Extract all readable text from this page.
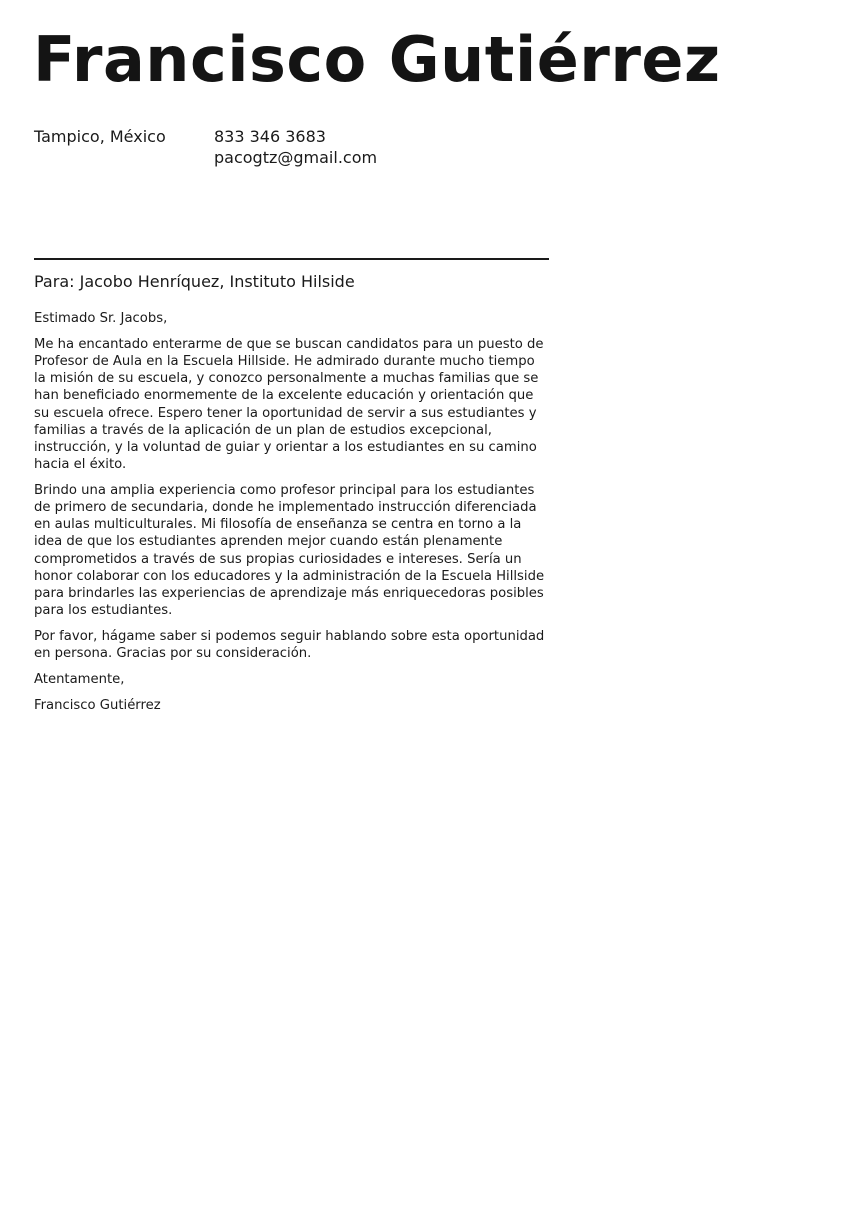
Francisco Gutiérrez
Tampico, México	833 346 3683
pacogtz@gmail.com
Para: Jacobo Henríquez, Instituto Hilside

Estimado Sr. Jacobs,

Me ha encantado enterarme de que se buscan candidatos para un puesto de Profesor de Aula en la Escuela Hillside. He admirado durante mucho tiempo la misión de su escuela, y conozco personalmente a muchas familias que se han beneficiado enormemente de la excelente educación y orientación que su escuela ofrece. Espero tener la oportunidad de servir a sus estudiantes y familias a través de la aplicación de un plan de estudios excepcional, instrucción, y la voluntad de guiar y orientar a los estudiantes en su camino hacia el éxito.

Brindo una amplia experiencia como profesor principal para los estudiantes de primero de secundaria, donde he implementado instrucción diferenciada en aulas multiculturales. Mi filosofía de enseñanza se centra en torno a la idea de que los estudiantes aprenden mejor cuando están plenamente comprometidos a través de sus propias curiosidades e intereses. Sería un honor colaborar con los educadores y la administración de la Escuela Hillside para brindarles las experiencias de aprendizaje más enriquecedoras posibles para los estudiantes.

Por favor, hágame saber si podemos seguir hablando sobre esta oportunidad en persona. Gracias por su consideración.

Atentamente,

Francisco Gutiérrez
